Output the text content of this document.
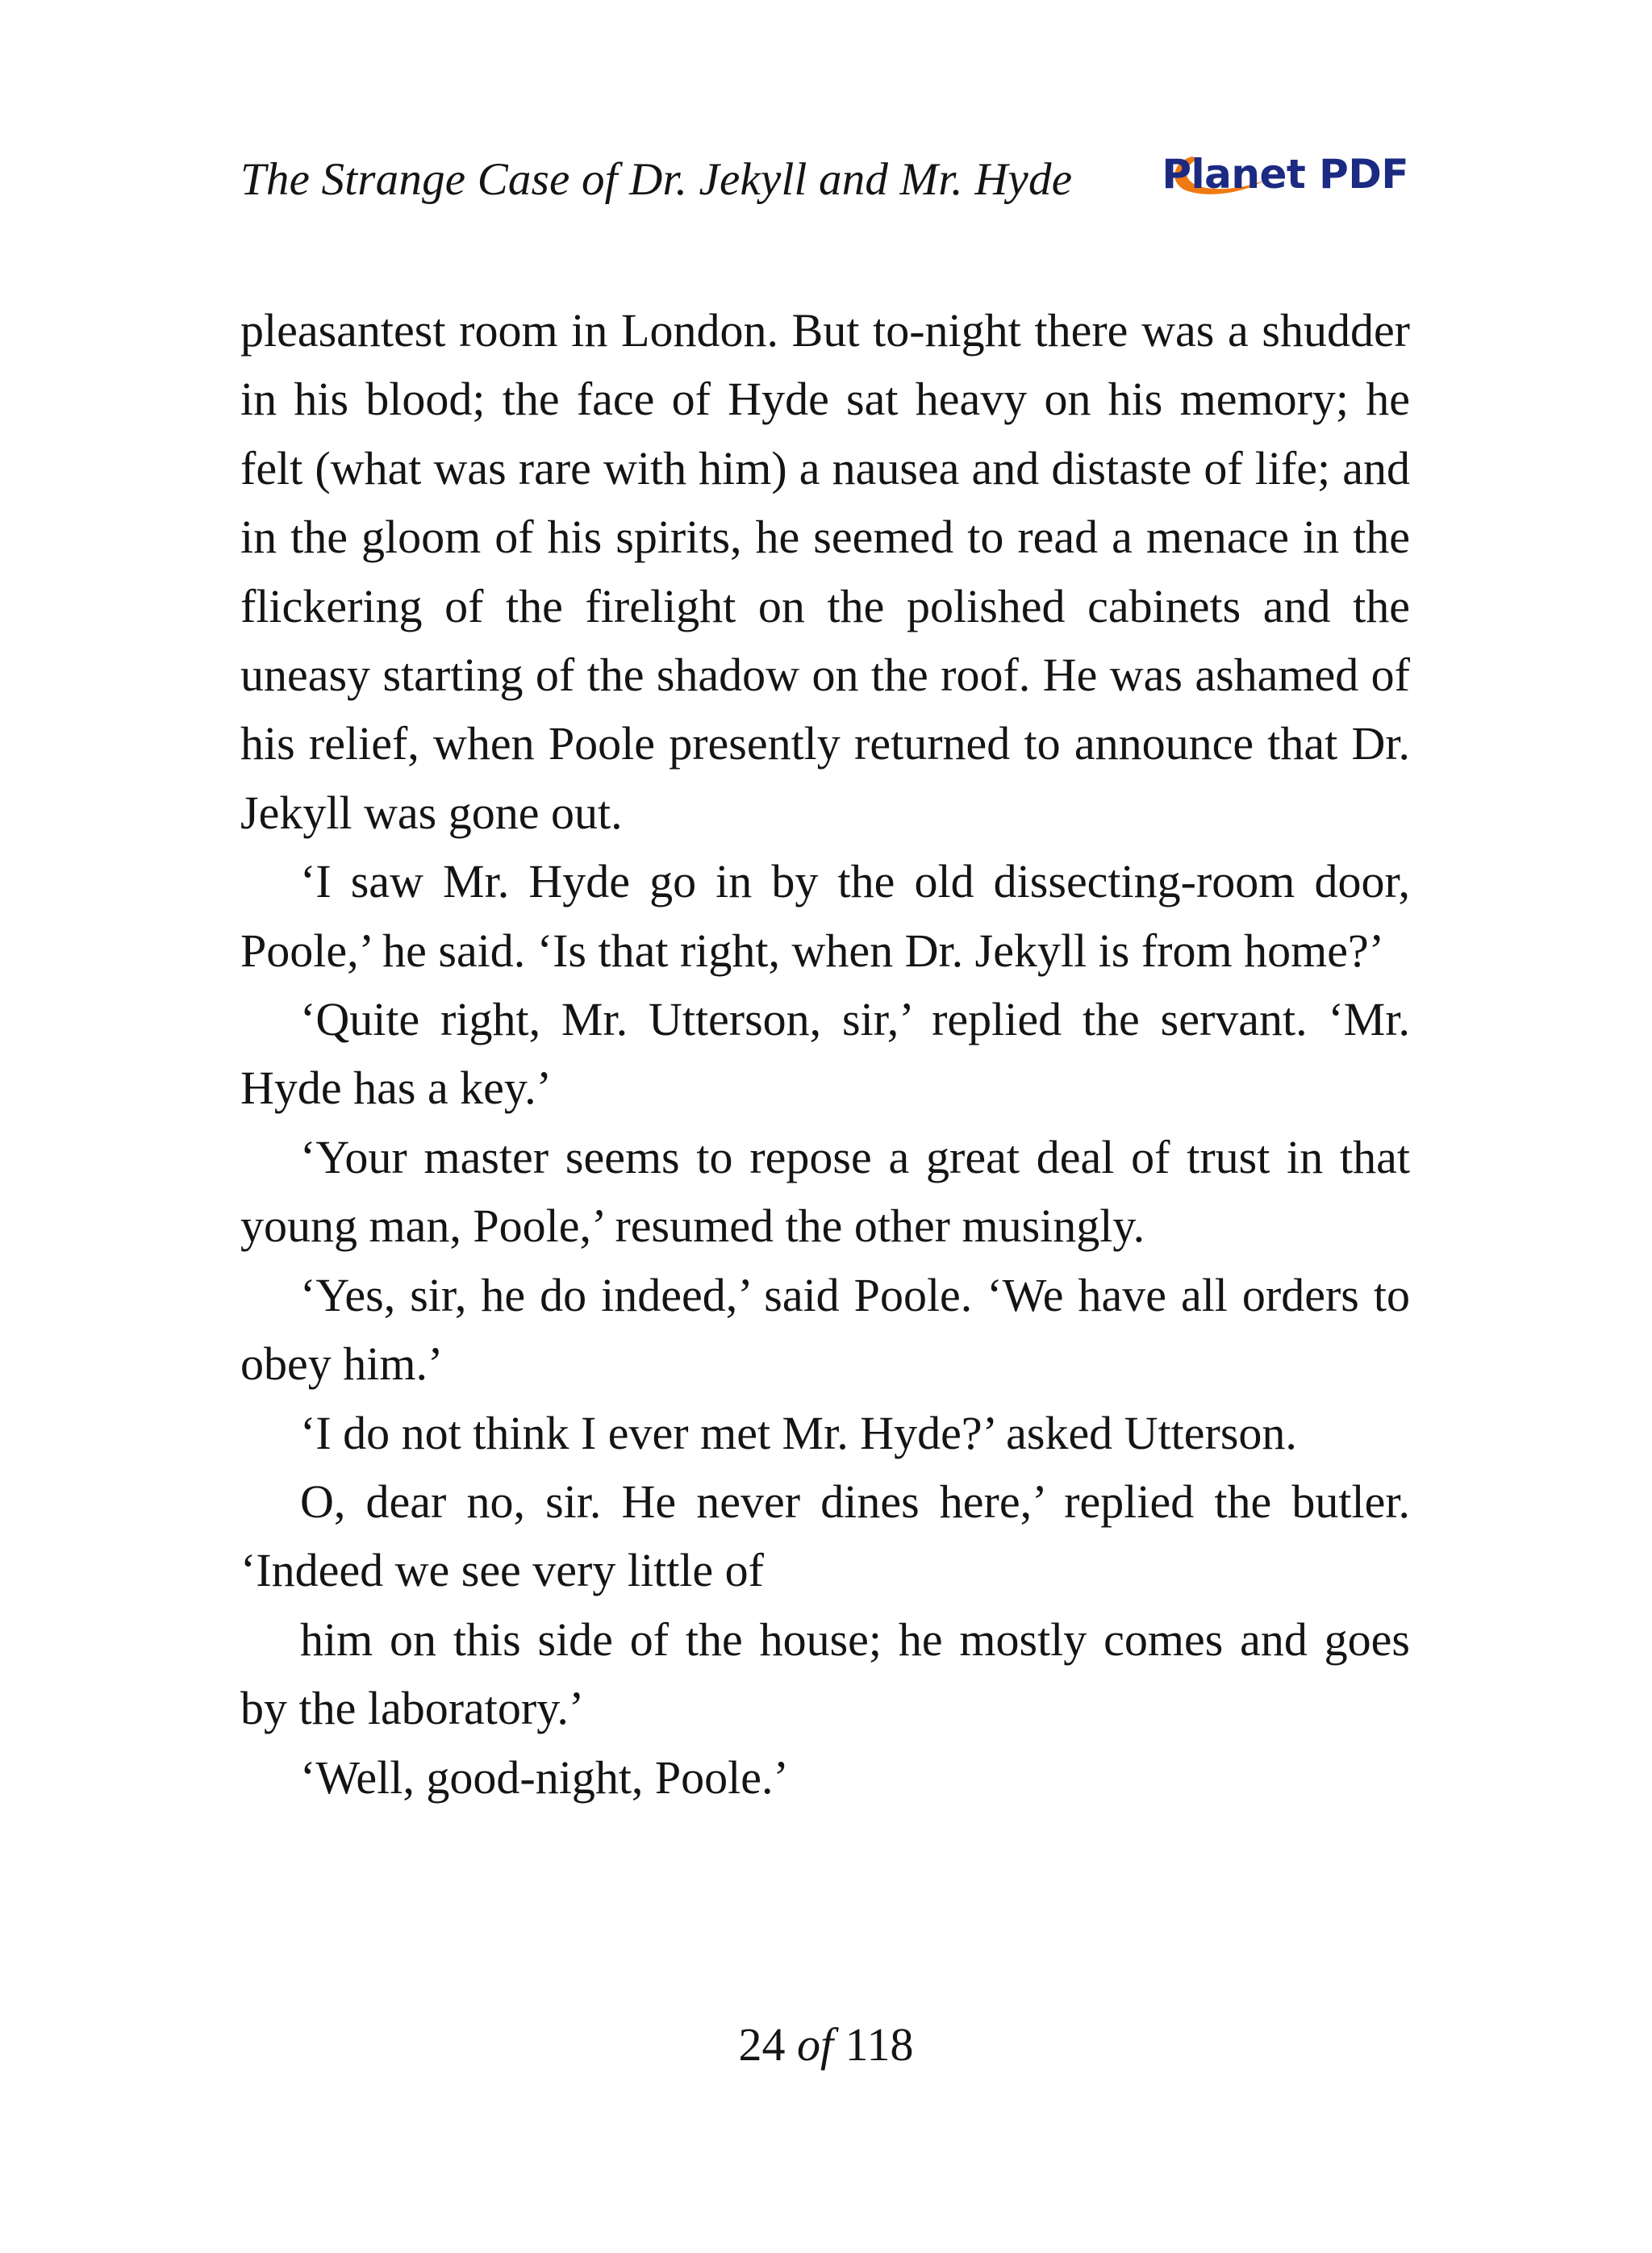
The Strange Case of Dr. Jekyll and Mr. Hyde Planet PDF

pleasantest room in London. But to-night there was a shudder in his blood; the face of Hyde sat heavy on his memory; he felt (what was rare with him) a nausea and distaste of life; and in the gloom of his spirits, he seemed to read a menace in the flickering of the firelight on the polished cabinets and the uneasy starting of the shadow on the roof. He was ashamed of his relief, when Poole presently returned to announce that Dr. Jekyll was gone out.

‘I saw Mr. Hyde go in by the old dissecting-room door, Poole,’ he said. ‘Is that right, when Dr. Jekyll is from home?’

‘Quite right, Mr. Utterson, sir,’ replied the servant. ‘Mr. Hyde has a key.’

‘Your master seems to repose a great deal of trust in that young man, Poole,’ resumed the other musingly.

‘Yes, sir, he do indeed,’ said Poole. ‘We have all orders to obey him.’

‘I do not think I ever met Mr. Hyde?’ asked Utterson.

O, dear no, sir. He never dines here,’ replied the butler. ‘Indeed we see very little of

him on this side of the house; he mostly comes and goes by the laboratory.’

‘Well, good-night, Poole.’

24 of 118
